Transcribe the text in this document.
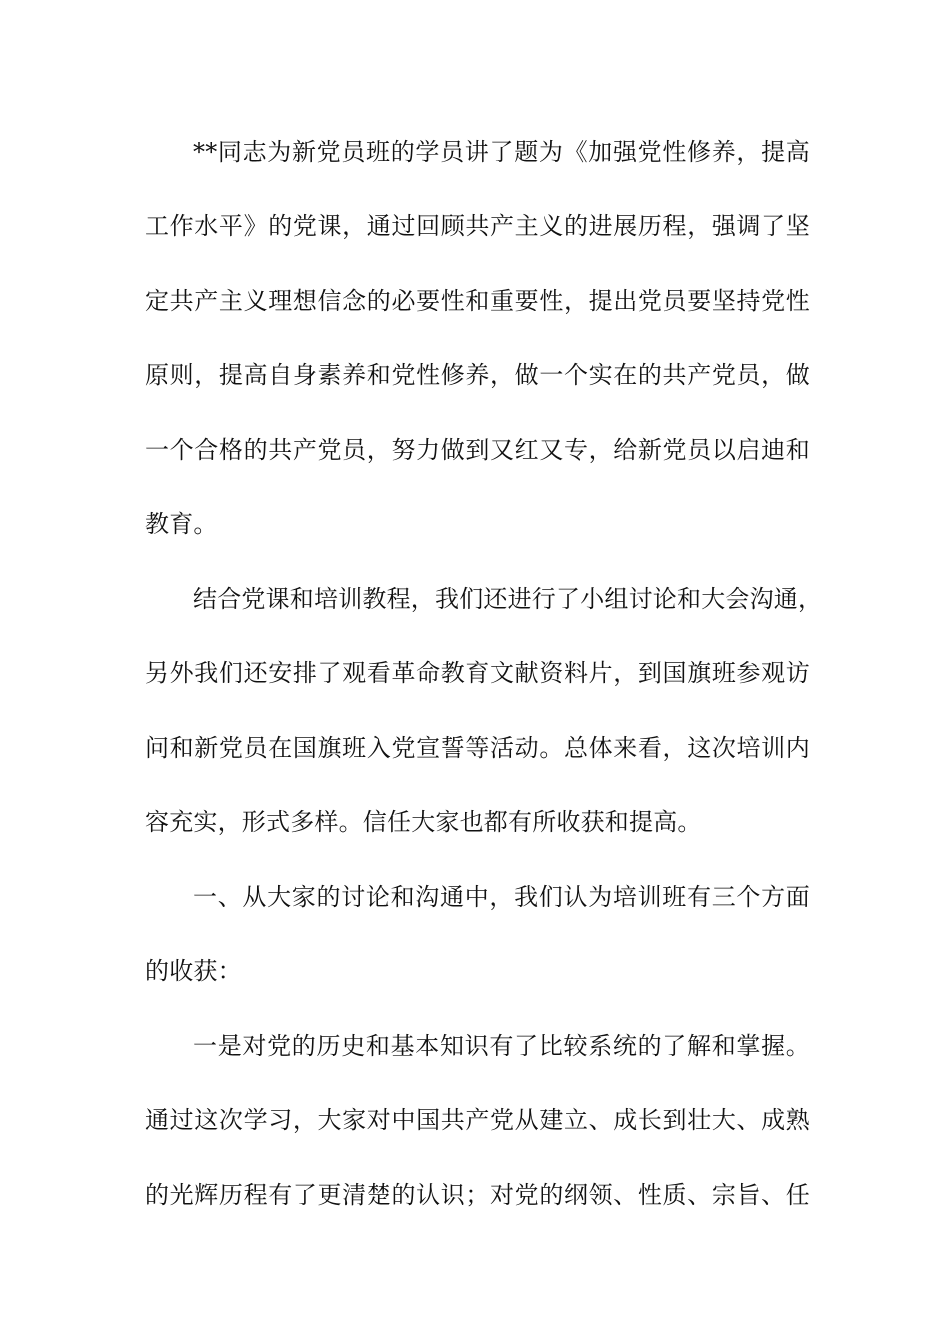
**同志为新党员班的学员讲了题为《加强党性修养，提高
工作水平》的党课，通过回顾共产主义的进展历程，强调了坚
定共产主义理想信念的必要性和重要性，提出党员要坚持党性
原则，提高自身素养和党性修养，做一个实在的共产党员，做
一个合格的共产党员，努力做到又红又专，给新党员以启迪和
教育。
结合党课和培训教程，我们还进行了小组讨论和大会沟通，
另外我们还安排了观看革命教育文献资料片，到国旗班参观访
问和新党员在国旗班入党宣誓等活动。总体来看，这次培训内
容充实，形式多样。信任大家也都有所收获和提高。
一、从大家的讨论和沟通中，我们认为培训班有三个方面
的收获：
一是对党的历史和基本知识有了比较系统的了解和掌握。
通过这次学习，大家对中国共产党从建立、成长到壮大、成熟
的光辉历程有了更清楚的认识；对党的纲领、性质、宗旨、任
